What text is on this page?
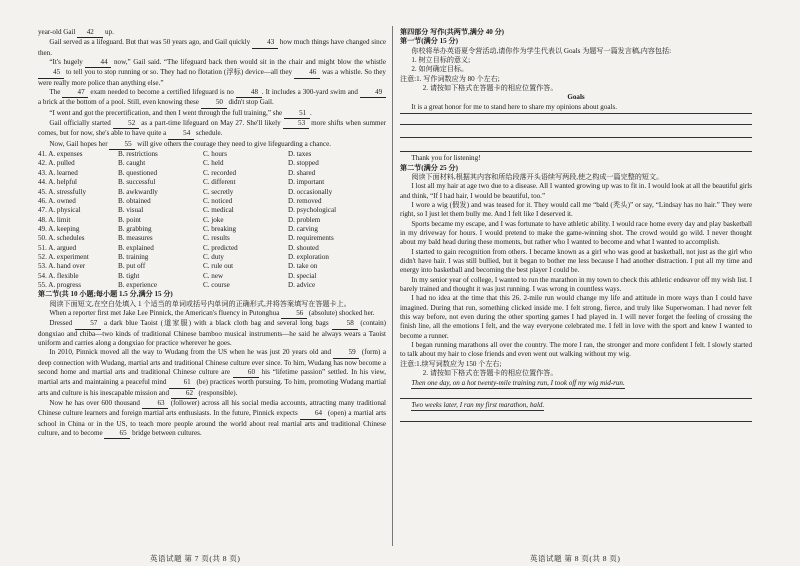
year-old Gail 42 up.

Gail served as a lifeguard. But that was 50 years ago, and Gail quickly 43 how much things have changed since then.

“It's hugely 44 now,” Gail said. “The lifeguard back then would sit in the chair and might blow the whistle 45 to tell you to stop running or so. They had no flotation (浮标) device—all they 46 was a whistle. So they were really more police than anything else.”

The 47 exam needed to become a certified lifeguard is no 48 . It includes a 300-yard swim and 49 a brick at the bottom of a pool. Still, even knowing these 50 didn't stop Gail.

“I went and got the precertification, and then I went through the full training,” she 51 .

Gail officially started 52 as a part-time lifeguard on May 27. She'll likely 53 more shifts when summer comes, but for now, she's able to have quite a 54 schedule.

Now, Gail hopes her 55 will give others the courage they need to give lifeguarding a chance.

41. A. expenses	B. restrictions	C. hours	D. taxes
42. A. pulled	B. caught	C. held	D. stopped
43. A. learned	B. questioned	C. recorded	D. shared
44. A. helpful	B. successful	C. different	D. important
45. A. stressfully	B. awkwardly	C. secretly	D. occasionally
46. A. owned	B. obtained	C. noticed	D. removed
47. A. physical	B. visual	C. medical	D. psychological
48. A. limit	B. point	C. joke	D. problem
49. A. keeping	B. grabbing	C. breaking	D. carving
50. A. schedules	B. measures	C. results	D. requirements
51. A. argued	B. explained	C. predicted	D. shouted
52. A. experiment	B. training	C. duty	D. exploration
53. A. hand over	B. put off	C. rule out	D. take on
54. A. flexible	B. tight	C. new	D. special
55. A. progress	B. experience	C. course	D. advice

第二节(共 10 小题;每小题 1.5 分,满分 15 分)

阅读下面短文,在空白处填入 1 个适当的单词或括号内单词的正确形式,并将答案填写在答题卡上。

When a reporter first met Jake Lee Pinnick, the American's fluency in Putonghua 56 (absolute) shocked her.

Dressed 57 a dark blue Taoist (道家服) with a black cloth bag and several long bags 58 (contain) dongxiao and chiba—two kinds of traditional Chinese bamboo musical instruments—he said he always wears a Taoist uniform and carries along a dongxiao for practice wherever he goes.

In 2010, Pinnick moved all the way to Wudang from the US when he was just 20 years old and 59 (form) a deep connection with Wudang, martial arts and traditional Chinese culture ever since. To him, Wudang has now become a second home and martial arts and traditional Chinese culture are 60 his “lifetime passion” settled. In his view, martial arts and maintaining a peaceful mind 61 (be) practices worth pursuing. To him, promoting Wudang martial arts and culture is his inescapable mission and 62 (responsible).

Now he has over 600 thousand 63 (follower) across all his social media accounts, attracting many traditional Chinese culture learners and foreign martial arts enthusiasts. In the future, Pinnick expects 64 (open) a martial arts school in China or in the US, to teach more people around the world about real martial arts and traditional Chinese culture, and to become 65 bridge between cultures.

第四部分 写作(共两节,满分 40 分)

第一节(满分 15 分)

你校将举办英语夏令营活动,请你作为学生代表以 Goals 为题写一篇发言稿,内容包括:

1. 树立目标的意义;

2. 如何确定目标。

注意:1. 写作词数应为 80 个左右;

2. 请按如下格式在答题卡的相应位置作答。

Goals

It is a great honor for me to stand here to share my opinions about goals.

Thank you for listening!

第二节(满分 25 分)

阅读下面材料,根据其内容和所给段落开头语续写两段,使之构成一篇完整的短文。

I lost all my hair at age two due to a disease. All I wanted growing up was to fit in. I would look at all the beautiful girls and think, “If I had hair, I would be beautiful, too.”

I wore a wig (假发) and was teased for it. They would call me “bald (秃头)” or say, “Lindsay has no hair.” They were right, so I just let them bully me. And I felt like I deserved it.

Sports became my escape, and I was fortunate to have athletic ability. I would race home every day and play basketball in my driveway for hours. I would pretend to make the game-winning shot. The crowd would go wild. I never thought about my bald head during these moments, but rather who I wanted to become and what I wanted to accomplish.

I started to gain recognition from others. I became known as a girl who was good at basketball, not just as the girl who didn't have hair. I was still bullied, but it began to bother me less because I had another distraction. I put all my time and energy into basketball and becoming the best player I could be.

In my senior year of college, I wanted to run the marathon in my town to check this athletic endeavor off my wish list. I barely trained and thought it was just running. I was wrong in countless ways.

I had no idea at the time that this 26. 2-mile run would change my life and attitude in more ways than I could have imagined. During that run, something clicked inside me. I felt strong, fierce, and truly like Superwoman. I had never felt this way before, not even during the other sporting games I had played in. I will never forget the feeling of crossing the finish line, all the emotions I felt, and the way everyone celebrated me. I fell in love with the sport and knew I wanted to become a runner.

I began running marathons all over the country. The more I ran, the stronger and more confident I felt. I slowly started to talk about my hair to close friends and even went out walking without my wig.

注意:1.续写词数应为 150 个左右;

2. 请按如下格式在答题卡的相应位置作答。

Then one day, on a hot twenty-mile training run, I took off my wig mid-run.

Two weeks later, I ran my first marathon, bald.

英语试题 第 7 页(共 8 页)	英语试题 第 8 页(共 8 页)
